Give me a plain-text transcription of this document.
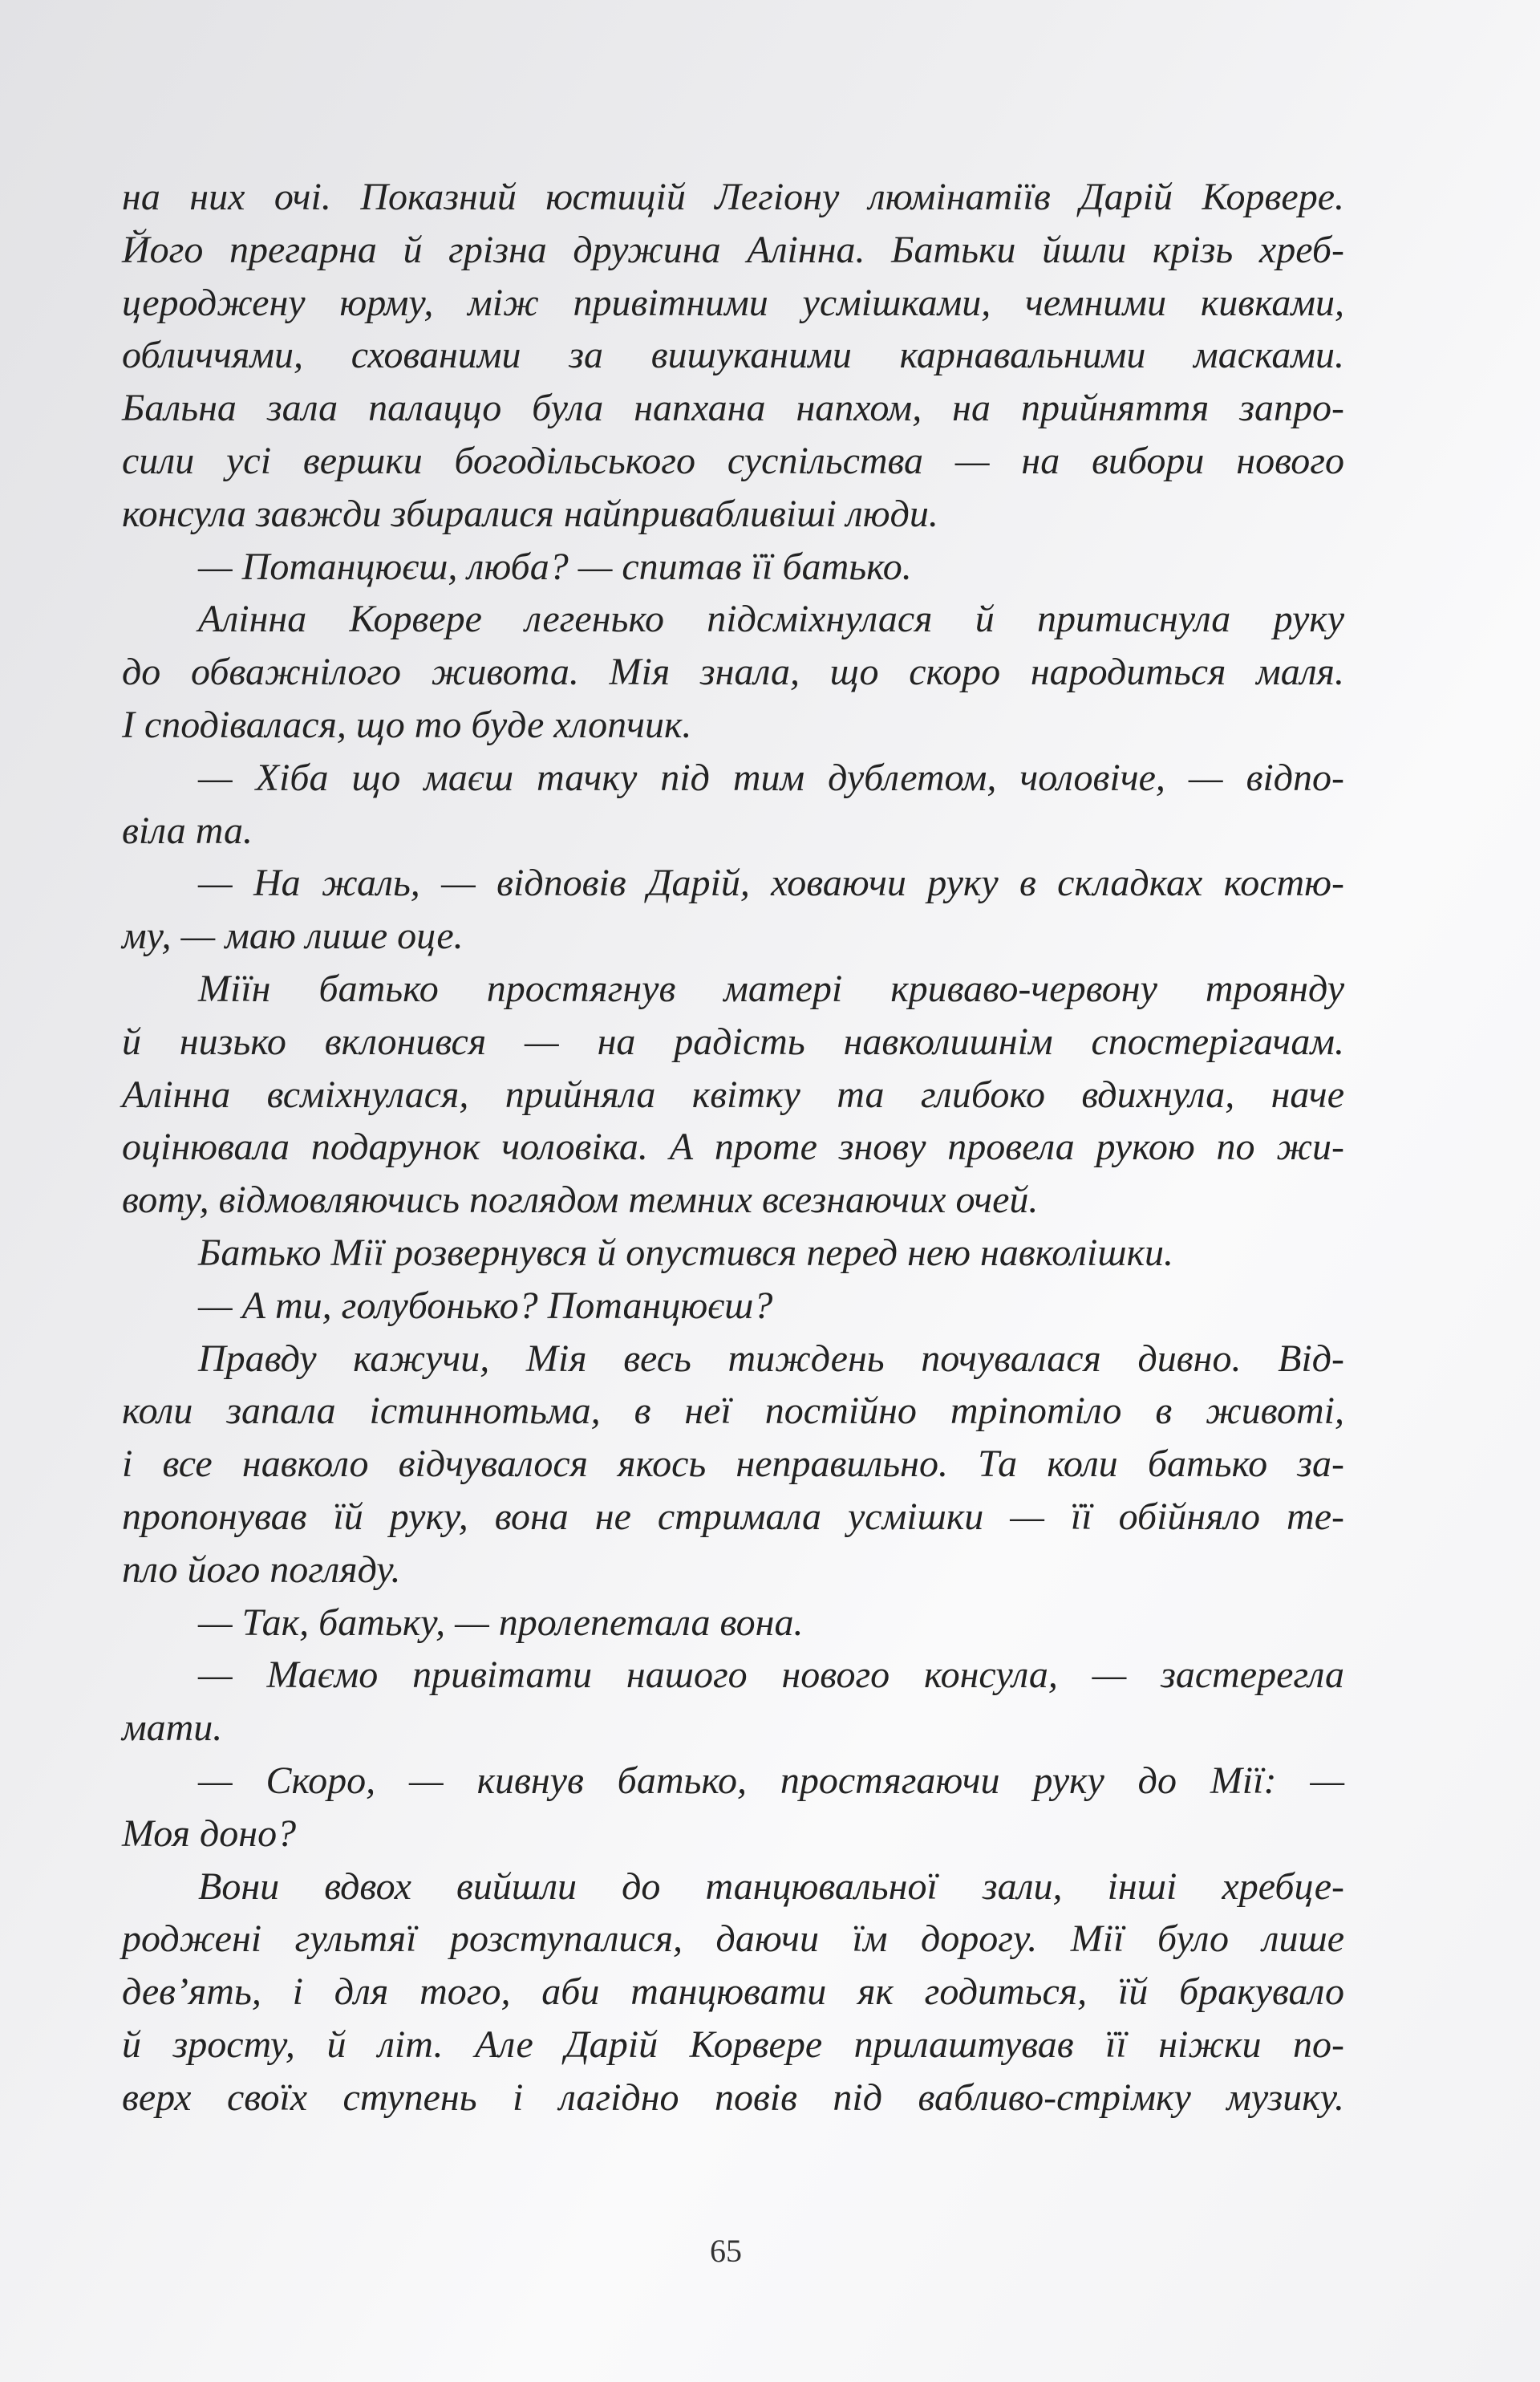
на них очі. Показний юстицій Легіону люмінатіїв Дарій Корвере.
Його прегарна й грізна дружина Алінна. Батьки йшли крізь хреб-
цероджену юрму, між привітними усмішками, чемними кивками,
обличчями, схованими за вишуканими карнавальними масками.
Бальна зала палаццо була напхана напхом, на прийняття запро-
сили усі вершки богодільського суспільства — на вибори нового
консула завжди збиралися найпривабливіші люди.
— Потанцюєш, люба? — спитав її батько.
Алінна Корвере легенько підсміхнулася й притиснула руку
до обважнілого живота. Мія знала, що скоро народиться маля.
І сподівалася, що то буде хлопчик.
— Хіба що маєш тачку під тим дублетом, чоловіче, — відпо-
віла та.
— На жаль, — відповів Дарій, ховаючи руку в складках костю-
му, — маю лише оце.
Міїн батько простягнув матері криваво-червону троянду
й низько вклонився — на радість навколишнім спостерігачам.
Алінна всміхнулася, прийняла квітку та глибоко вдихнула, наче
оцінювала подарунок чоловіка. А проте знову провела рукою по жи-
воту, відмовляючись поглядом темних всезнаючих очей.
Батько Мії розвернувся й опустився перед нею навколішки.
— А ти, голубонько? Потанцюєш?
Правду кажучи, Мія весь тиждень почувалася дивно. Від-
коли запала істиннотьма, в неї постійно тріпотіло в животі,
і все навколо відчувалося якось неправильно. Та коли батько за-
пропонував їй руку, вона не стримала усмішки — її обійняло те-
пло його погляду.
— Так, батьку, — пролепетала вона.
— Маємо привітати нашого нового консула, — застерегла
мати.
— Скоро, — кивнув батько, простягаючи руку до Мії: —
Моя доно?
Вони вдвох вийшли до танцювальної зали, інші хребце-
роджені гультяї розступалися, даючи їм дорогу. Мії було лише
дев’ять, і для того, аби танцювати як годиться, їй бракувало
й зросту, й літ. Але Дарій Корвере прилаштував її ніжки по-
верх своїх ступень і лагідно повів під вабливо-стрімку музику.
65
